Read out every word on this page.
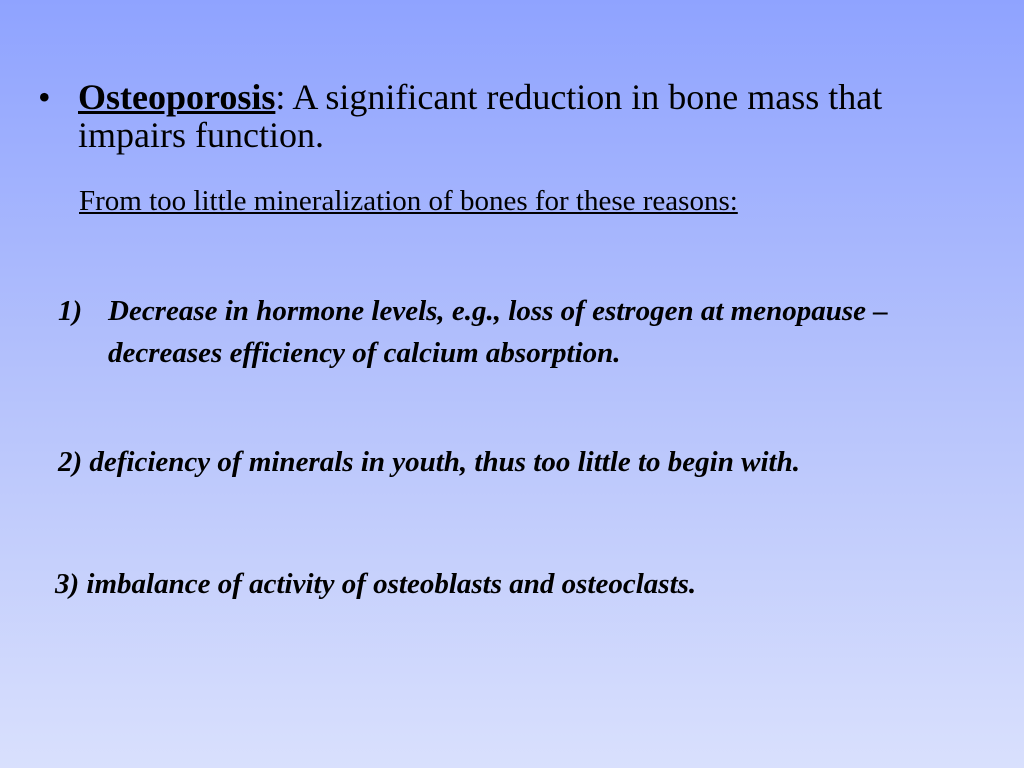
• Osteoporosis: A significant reduction in bone mass that impairs function.
From too little mineralization of bones for these reasons:
1) Decrease in hormone levels, e.g., loss of estrogen at menopause – decreases efficiency of calcium absorption.
2) deficiency of minerals in youth, thus too little to begin with.
3) imbalance of activity of osteoblasts and osteoclasts.
